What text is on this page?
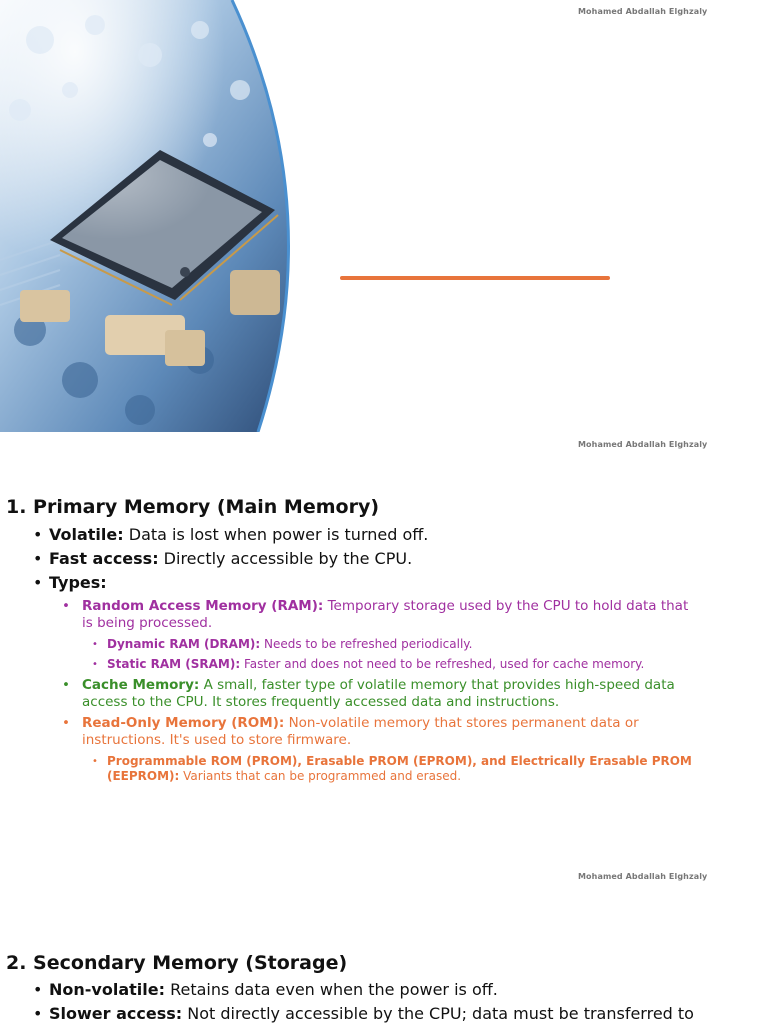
Mohamed Abdallah Elghzaly
Mohamed Abdallah Elghzaly
1. Primary Memory (Main Memory)
• Volatile: Data is lost when power is turned off.
• Fast access: Directly accessible by the CPU.
• Types:
• Random Access Memory (RAM): Temporary storage used by the CPU to hold data that is being processed.
• Dynamic RAM (DRAM): Needs to be refreshed periodically.
• Static RAM (SRAM): Faster and does not need to be refreshed, used for cache memory.
• Cache Memory: A small, faster type of volatile memory that provides high-speed data access to the CPU. It stores frequently accessed data and instructions.
• Read-Only Memory (ROM): Non-volatile memory that stores permanent data or instructions. It's used to store firmware.
• Programmable ROM (PROM), Erasable PROM (EPROM), and Electrically Erasable PROM (EEPROM): Variants that can be programmed and erased.
Mohamed Abdallah Elghzaly
2. Secondary Memory (Storage)
• Non-volatile: Retains data even when the power is off.
• Slower access: Not directly accessible by the CPU; data must be transferred to
